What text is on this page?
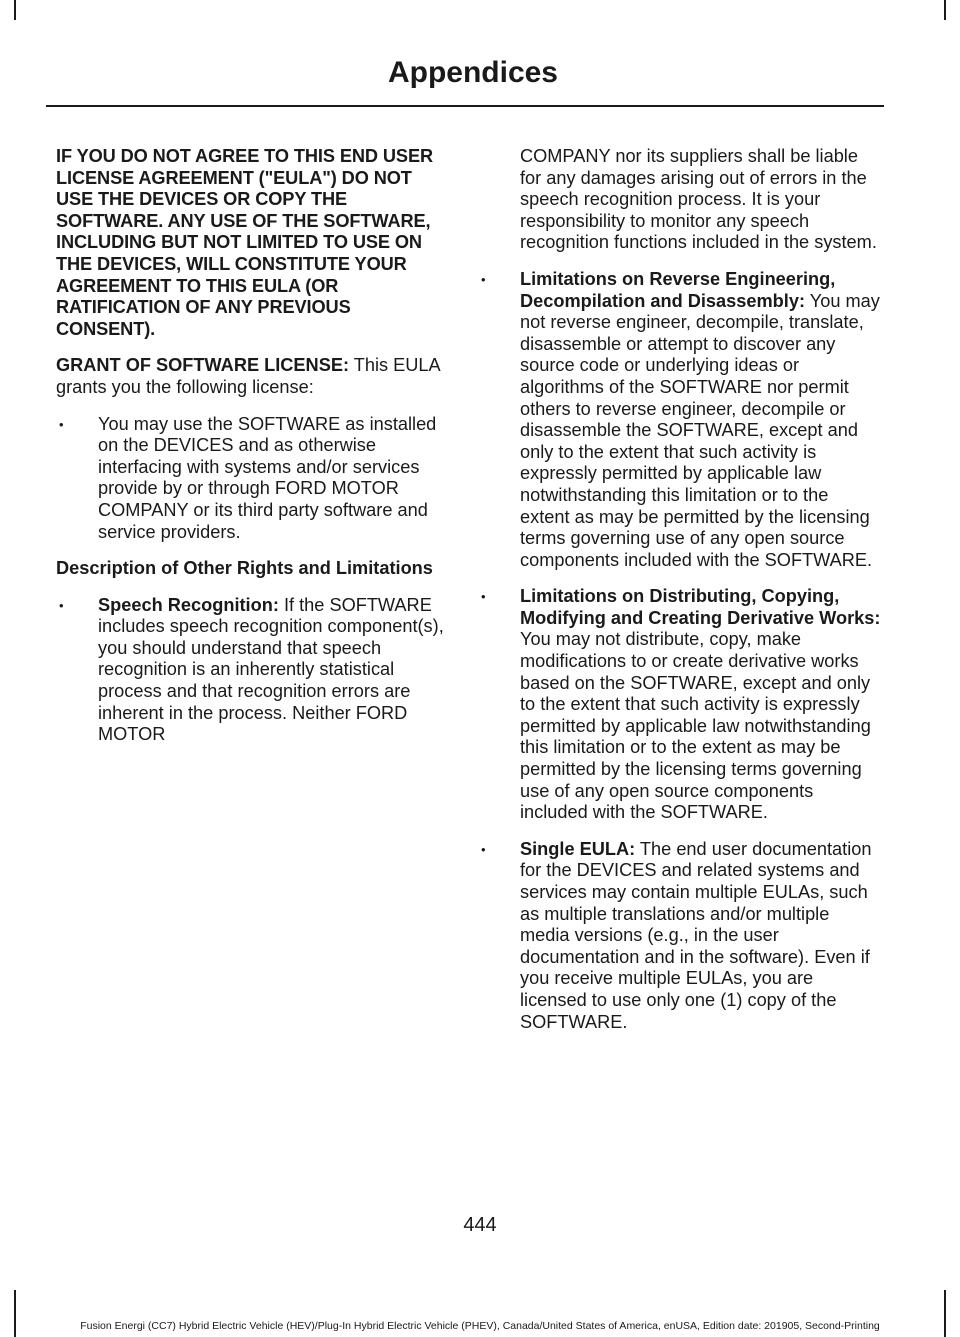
Appendices

IF YOU DO NOT AGREE TO THIS END USER LICENSE AGREEMENT ("EULA") DO NOT USE THE DEVICES OR COPY THE SOFTWARE. ANY USE OF THE SOFTWARE, INCLUDING BUT NOT LIMITED TO USE ON THE DEVICES, WILL CONSTITUTE YOUR AGREEMENT TO THIS EULA (OR RATIFICATION OF ANY PREVIOUS CONSENT).

GRANT OF SOFTWARE LICENSE: This EULA grants you the following license:

• You may use the SOFTWARE as installed on the DEVICES and as otherwise interfacing with systems and/or services provide by or through FORD MOTOR COMPANY or its third party software and service providers.

Description of Other Rights and Limitations

• Speech Recognition: If the SOFTWARE includes speech recognition component(s), you should understand that speech recognition is an inherently statistical process and that recognition errors are inherent in the process. Neither FORD MOTOR

COMPANY nor its suppliers shall be liable for any damages arising out of errors in the speech recognition process. It is your responsibility to monitor any speech recognition functions included in the system.

• Limitations on Reverse Engineering, Decompilation and Disassembly: You may not reverse engineer, decompile, translate, disassemble or attempt to discover any source code or underlying ideas or algorithms of the SOFTWARE nor permit others to reverse engineer, decompile or disassemble the SOFTWARE, except and only to the extent that such activity is expressly permitted by applicable law notwithstanding this limitation or to the extent as may be permitted by the licensing terms governing use of any open source components included with the SOFTWARE.
• Limitations on Distributing, Copying, Modifying and Creating Derivative Works: You may not distribute, copy, make modifications to or create derivative works based on the SOFTWARE, except and only to the extent that such activity is expressly permitted by applicable law notwithstanding this limitation or to the extent as may be permitted by the licensing terms governing use of any open source components included with the SOFTWARE.
• Single EULA: The end user documentation for the DEVICES and related systems and services may contain multiple EULAs, such as multiple translations and/or multiple media versions (e.g., in the user documentation and in the software). Even if you receive multiple EULAs, you are licensed to use only one (1) copy of the SOFTWARE.
444
Fusion Energi (CC7) Hybrid Electric Vehicle (HEV)/Plug-In Hybrid Electric Vehicle (PHEV), Canada/United States of America, enUSA, Edition date: 201905, Second-Printing
